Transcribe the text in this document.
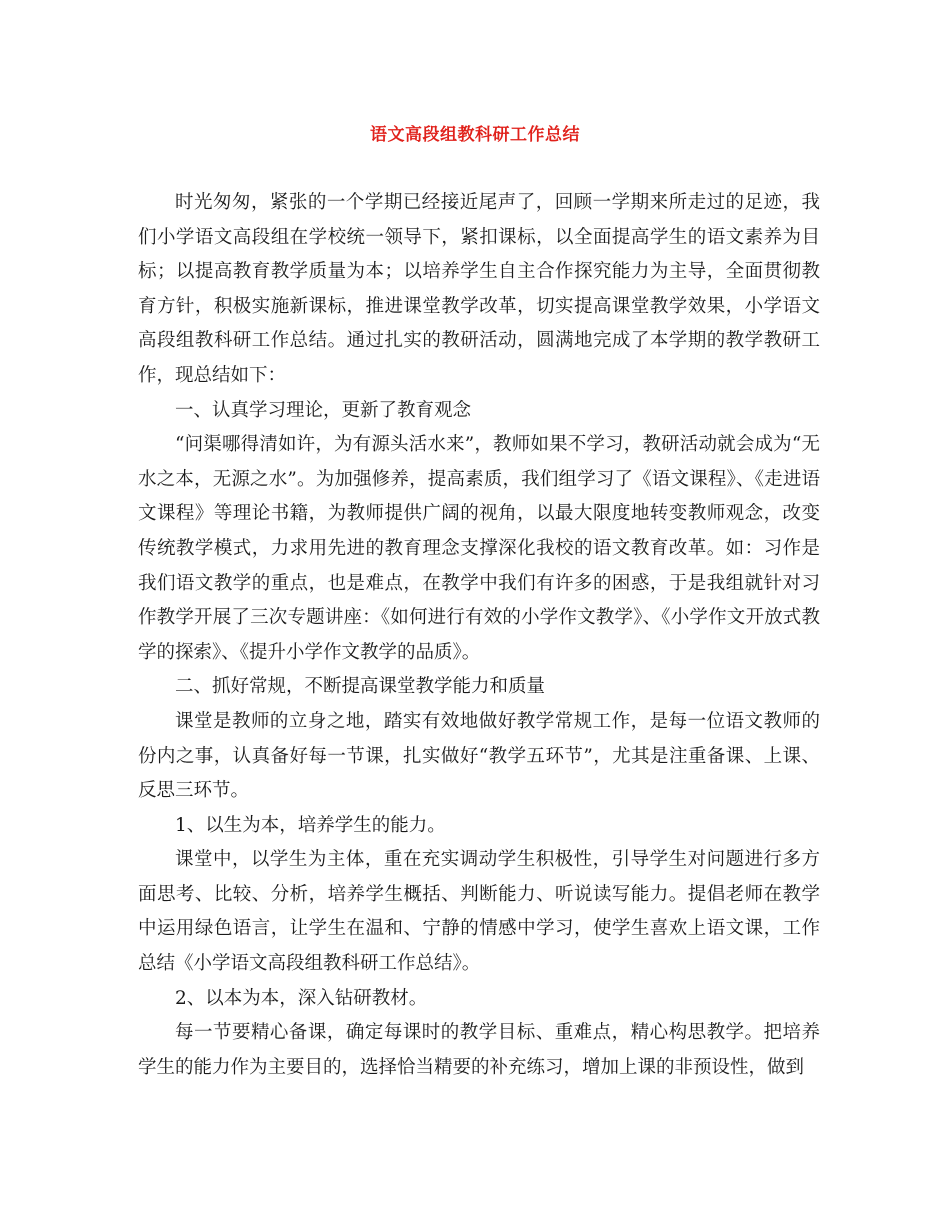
语文高段组教科研工作总结

时光匆匆，紧张的一个学期已经接近尾声了，回顾一学期来所走过的足迹，我们小学语文高段组在学校统一领导下，紧扣课标，以全面提高学生的语文素养为目标；以提高教育教学质量为本；以培养学生自主合作探究能力为主导，全面贯彻教育方针，积极实施新课标，推进课堂教学改革，切实提高课堂教学效果，小学语文高段组教科研工作总结。通过扎实的教研活动，圆满地完成了本学期的教学教研工作，现总结如下：

一、认真学习理论，更新了教育观念

“问渠哪得清如许，为有源头活水来”，教师如果不学习，教研活动就会成为“无水之本，无源之水”。为加强修养，提高素质，我们组学习了《语文课程》、《走进语文课程》等理论书籍，为教师提供广阔的视角，以最大限度地转变教师观念，改变传统教学模式，力求用先进的教育理念支撑深化我校的语文教育改革。如：习作是我们语文教学的重点，也是难点，在教学中我们有许多的困惑，于是我组就针对习作教学开展了三次专题讲座：《如何进行有效的小学作文教学》、《小学作文开放式教学的探索》、《提升小学作文教学的品质》。

二、抓好常规，不断提高课堂教学能力和质量

课堂是教师的立身之地，踏实有效地做好教学常规工作，是每一位语文教师的份内之事，认真备好每一节课，扎实做好“教学五环节”，尤其是注重备课、上课、反思三环节。

1、以生为本，培养学生的能力。

课堂中，以学生为主体，重在充实调动学生积极性，引导学生对问题进行多方面思考、比较、分析，培养学生概括、判断能力、听说读写能力。提倡老师在教学中运用绿色语言，让学生在温和、宁静的情感中学习，使学生喜欢上语文课，工作总结《小学语文高段组教科研工作总结》。

2、以本为本，深入钻研教材。

每一节要精心备课，确定每课时的教学目标、重难点，精心构思教学。把培养学生的能力作为主要目的，选择恰当精要的补充练习，增加上课的非预设性，做到
